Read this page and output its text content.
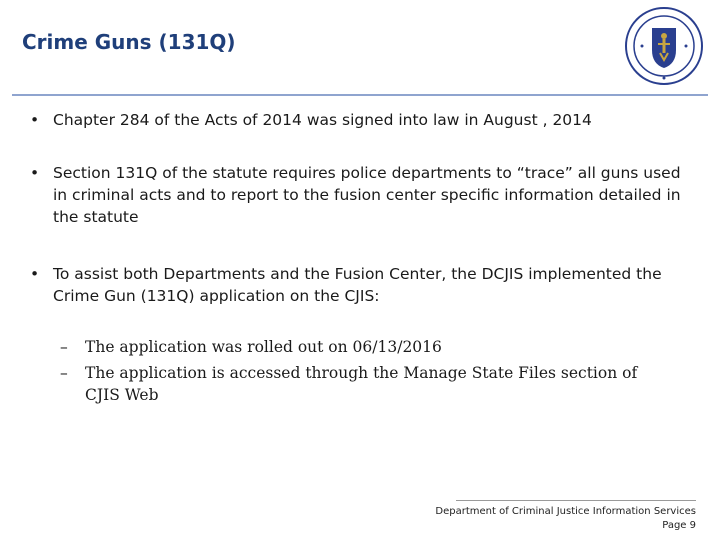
Crime Guns (131Q)
• Chapter 284 of the Acts of 2014 was signed into law in August , 2014
• Section 131Q of the statute requires police departments to “trace” all guns used in criminal acts and to report to the fusion center specific information detailed in the statute
• To assist both Departments and the Fusion Center, the DCJIS implemented the Crime Gun (131Q) application on the CJIS:
– The application was rolled out on 06/13/2016
– The application is accessed through the Manage State Files section of CJIS Web
Department of Criminal Justice Information Services
Page 9
